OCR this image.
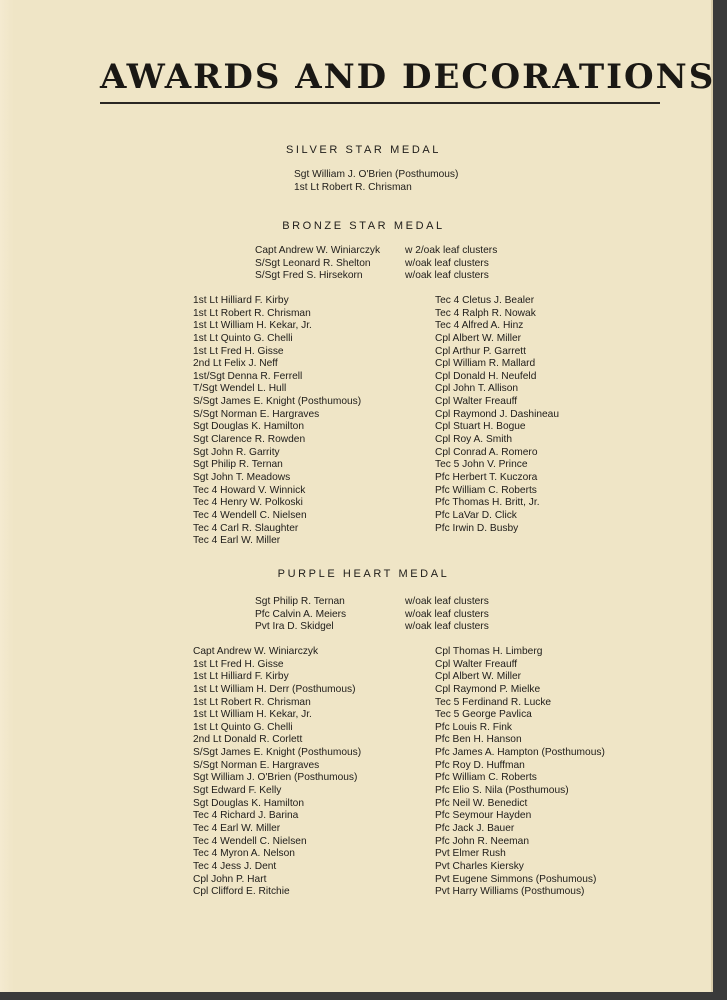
AWARDS AND DECORATIONS
SILVER STAR MEDAL
Sgt William J. O'Brien (Posthumous)
1st Lt Robert R. Chrisman
BRONZE STAR MEDAL
Capt Andrew W. Winiarczyk
S/Sgt Leonard R. Shelton
S/Sgt Fred S. Hirsekorn
w 2/oak leaf clusters
w/oak leaf clusters
w/oak leaf clusters
1st Lt Hilliard F. Kirby
1st Lt Robert R. Chrisman
1st Lt William H. Kekar, Jr.
1st Lt Quinto G. Chelli
1st Lt Fred H. Gisse
2nd Lt Felix J. Neff
1st/Sgt Denna R. Ferrell
T/Sgt Wendel L. Hull
S/Sgt James E. Knight (Posthumous)
S/Sgt Norman E. Hargraves
Sgt Douglas K. Hamilton
Sgt Clarence R. Rowden
Sgt John R. Garrity
Sgt Philip R. Ternan
Sgt John T. Meadows
Tec 4 Howard V. Winnick
Tec 4 Henry W. Polkoski
Tec 4 Wendell C. Nielsen
Tec 4 Carl R. Slaughter
Tec 4 Earl W. Miller
Tec 4 Cletus J. Bealer
Tec 4 Ralph R. Nowak
Tec 4 Alfred A. Hinz
Cpl Albert W. Miller
Cpl Arthur P. Garrett
Cpl William R. Mallard
Cpl Donald H. Neufeld
Cpl John T. Allison
Cpl Walter Freauff
Cpl Raymond J. Dashineau
Cpl Stuart H. Bogue
Cpl Roy A. Smith
Cpl Conrad A. Romero
Tec 5 John V. Prince
Pfc Herbert T. Kuczora
Pfc William C. Roberts
Pfc Thomas H. Britt, Jr.
Pfc LaVar D. Click
Pfc Irwin D. Busby
PURPLE HEART MEDAL
Sgt Philip R. Ternan
Pfc Calvin A. Meiers
Pvt Ira D. Skidgel
w/oak leaf clusters
w/oak leaf clusters
w/oak leaf clusters
Capt Andrew W. Winiarczyk
1st Lt Fred H. Gisse
1st Lt Hilliard F. Kirby
1st Lt William H. Derr (Posthumous)
1st Lt Robert R. Chrisman
1st Lt William H. Kekar, Jr.
1st Lt Quinto G. Chelli
2nd Lt Donald R. Corlett
S/Sgt James E. Knight (Posthumous)
S/Sgt Norman E. Hargraves
Sgt William J. O'Brien (Posthumous)
Sgt Edward F. Kelly
Sgt Douglas K. Hamilton
Tec 4 Richard J. Barina
Tec 4 Earl W. Miller
Tec 4 Wendell C. Nielsen
Tec 4 Myron A. Nelson
Tec 4 Jess J. Dent
Cpl John P. Hart
Cpl Clifford E. Ritchie
Cpl Thomas H. Limberg
Cpl Walter Freauff
Cpl Albert W. Miller
Cpl Raymond P. Mielke
Tec 5 Ferdinand R. Lucke
Tec 5 George Pavlica
Pfc Louis R. Fink
Pfc Ben H. Hanson
Pfc James A. Hampton (Posthumous)
Pfc Roy D. Huffman
Pfc William C. Roberts
Pfc Elio S. Nila (Posthumous)
Pfc Neil W. Benedict
Pfc Seymour Hayden
Pfc Jack J. Bauer
Pfc John R. Neeman
Pvt Elmer Rush
Pvt Charles Kiersky
Pvt Eugene Simmons (Poshumous)
Pvt Harry Williams (Posthumous)
